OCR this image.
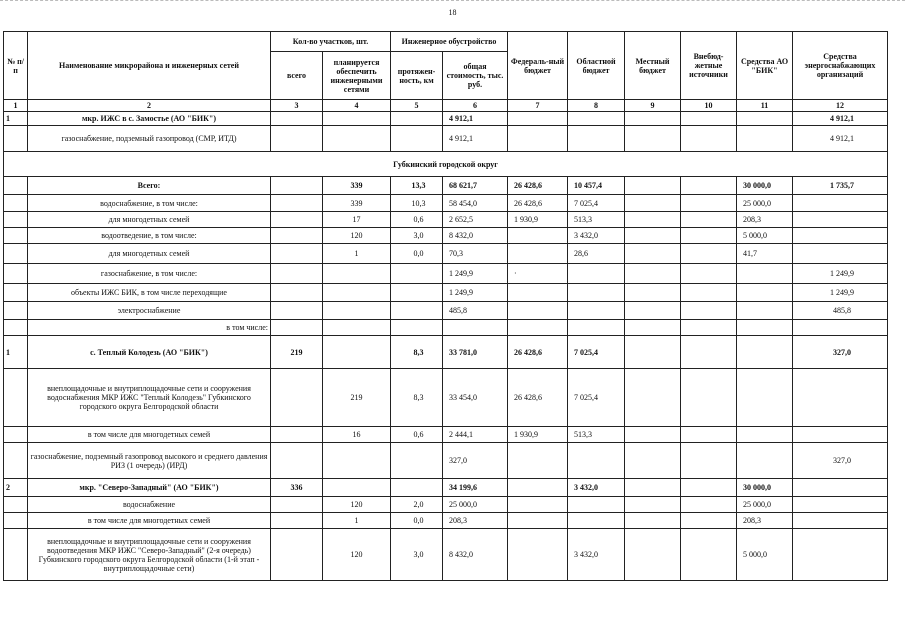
18
№ п/п	Наименование микрорайона и инженерных сетей	Кол-во участков, шт.		Инженерное обустройство		Федераль-ный бюджет	Областной бюджет	Местный бюджет	Внебюд-жетные источники	Средства АО "БИК"	Средства энергоснабжающих организаций
		всего	планируется обеспечить инженерными сетями	протяжен-ность, км	общая стоимость, тыс. руб.						
1	2	3	4	5	6	7	8	9	10	11	12
1	мкр. ИЖС в с. Замостье (АО "БИК")				4 912,1						4 912,1
	газоснабжение, подземный газопровод (СМР, ИТД)				4 912,1						4 912,1
Губкинский городской округ											
	Всего:		339	13,3	68 621,7	26 428,6	10 457,4			30 000,0	1 735,7
	водоснабжение, в том числе:		339	10,3	58 454,0	26 428,6	7 025,4			25 000,0	
	для многодетных семей		17	0,6	2 652,5	1 930,9	513,3			208,3	
	водоотведение, в том числе:		120	3,0	8 432,0		3 432,0			5 000,0	
	для многодетных семей		1	0,0	70,3		28,6			41,7	
	газоснабжение, в том числе:				1 249,9	·					1 249,9
	объекты ИЖС БИК, в том числе переходящие				1 249,9						1 249,9
	электроснабжение				485,8						485,8
	в том числе:										
1	с. Теплый Колодезь (АО "БИК")	219		8,3	33 781,0	26 428,6	7 025,4				327,0
	внеплощадочные и внутриплощадочные сети и сооружения водоснабжения МКР ИЖС "Теплый Колодезь" Губкинского городского округа Белгородской области		219	8,3	33 454,0	26 428,6	7 025,4				
	в том числе для многодетных семей		16	0,6	2 444,1	1 930,9	513,3				
	газоснабжение, подземный газопровод высокого и среднего давления РИЗ (1 очередь) (ИРД)				327,0						327,0
2	мкр. "Северо-Западный" (АО "БИК")	336			34 199,6		3 432,0			30 000,0	
	водоснабжение		120	2,0	25 000,0					25 000,0	
	в том числе для многодетных семей		1	0,0	208,3					208,3	
	внеплощадочные и внутриплощадочные сети и сооружения водоотведения МКР ИЖС "Северо-Западный" (2-я очередь) Губкинского городского округа Белгородской области (1-й этап - внутриплощадочные сети)		120	3,0	8 432,0		3 432,0			5 000,0	
